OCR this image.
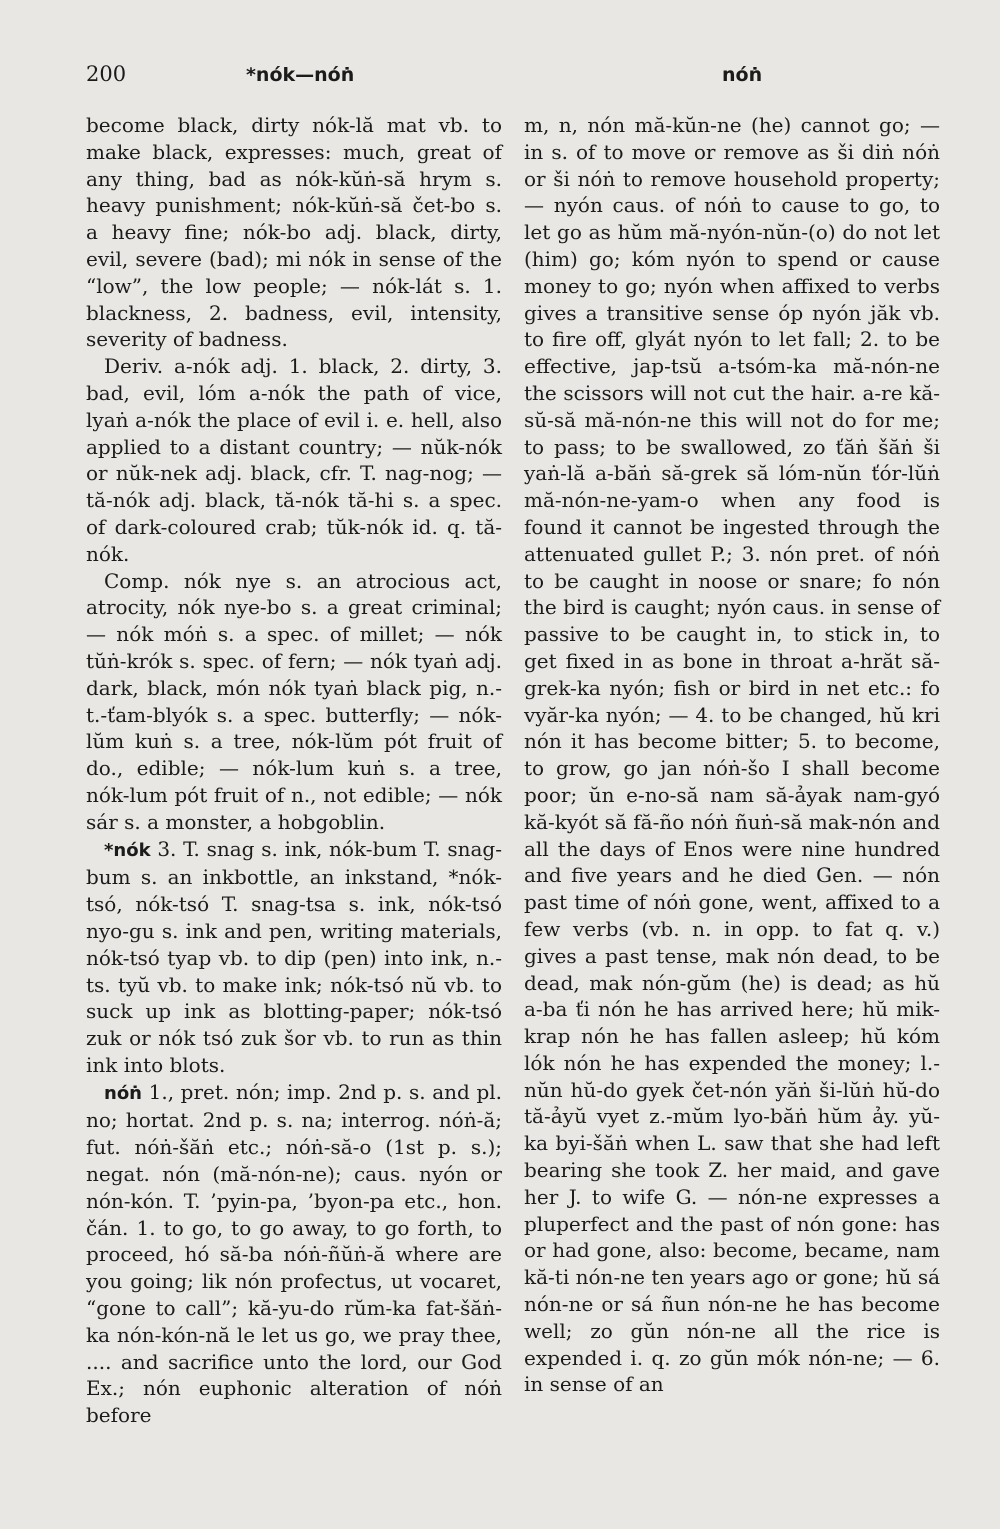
200	*nók—nóṅ	nóṅ

become black, dirty nók-lă mat vb. to make black, expresses: much, great of any thing, bad as nók-kŭṅ-să hrym s. heavy punishment; nók-kŭṅ-să čet-bo s. a heavy fine; nók-bo adj. black, dirty, evil, severe (bad); mi nók in sense of the “low”, the low people; — nók-lát s. 1. blackness, 2. badness, evil, intensity, severity of badness.

Deriv. a-nók adj. 1. black, 2. dirty, 3. bad, evil, lóm a-nók the path of vice, lyaṅ a-nók the place of evil i. e. hell, also applied to a distant country; — nŭk-nók or nŭk-nek adj. black, cfr. T. nag-nog; — tă-nók adj. black, tă-nók tă-hi s. a spec. of dark-coloured crab; tŭk-nók id. q. tă-nók.

Comp. nók nye s. an atrocious act, atrocity, nók nye-bo s. a great criminal; — nók móṅ s. a spec. of millet; — nók tŭṅ-krók s. spec. of fern; — nók tyaṅ adj. dark, black, món nók tyaṅ black pig, n.-t.-ťam-blyók s. a spec. butterfly; — nók-lŭm kuṅ s. a tree, nók-lŭm pót fruit of do., edible; — nók-lum kuṅ s. a tree, nók-lum pót fruit of n., not edible; — nók sár s. a monster, a hobgoblin.

*nók 3. T. snag s. ink, nók-bum T. snag-bum s. an inkbottle, an inkstand, *nók-tsó, nók-tsó T. snag-tsa s. ink, nók-tsó nyo-gu s. ink and pen, writing materials, nók-tsó tyap vb. to dip (pen) into ink, n.-ts. tyŭ vb. to make ink; nók-tsó nŭ vb. to suck up ink as blotting-paper; nók-tsó zuk or nók tsó zuk šor vb. to run as thin ink into blots.

nóṅ 1., pret. nón; imp. 2nd p. s. and pl. no; hortat. 2nd p. s. na; interrog. nóṅ-ă; fut. nóṅ-šăṅ etc.; nóṅ-să-o (1st p. s.); negat. nón (mă-nón-ne); caus. nyón or nón-kón. T. ’pyin-pa, ’byon-pa etc., hon. čán. 1. to go, to go away, to go forth, to proceed, hó să-ba nóṅ-ñŭṅ-ă where are you going; lik nón profectus, ut vocaret, “gone to call”; kă-yu-do rŭm-ka fat-šăṅ-ka nón-kón-nă le let us go, we pray thee, .... and sacrifice unto the lord, our God Ex.; nón euphonic alteration of nóṅ before

m, n, nón mă-kŭn-ne (he) cannot go; — in s. of to move or remove as ši diṅ nóṅ or ši nóṅ to remove household property; — nyón caus. of nóṅ to cause to go, to let go as hŭm mă-nyón-nŭn-(o) do not let (him) go; kóm nyón to spend or cause money to go; nyón when affixed to verbs gives a transitive sense óp nyón jăk vb. to fire off, glyát nyón to let fall; 2. to be effective, jap-tsŭ a-tsóm-ka mă-nón-ne the scissors will not cut the hair. a-re kă-sŭ-să mă-nón-ne this will not do for me; to pass; to be swallowed, zo ťăṅ šăṅ ši yaṅ-lă a-băṅ să-grek să lóm-nŭn ťór-lŭṅ mă-nón-ne-yam-o when any food is found it cannot be ingested through the attenuated gullet P.; 3. nón pret. of nóṅ to be caught in noose or snare; fo nón the bird is caught; nyón caus. in sense of passive to be caught in, to stick in, to get fixed in as bone in throat a-hrăt să-grek-ka nyón; fish or bird in net etc.: fo vyăr-ka nyón; — 4. to be changed, hŭ kri nón it has become bitter; 5. to become, to grow, go jan nóṅ-šo I shall become poor; ŭn e-no-să nam să-ảyak nam-gyó kă-kyót să fă-ño nóṅ ñuṅ-să mak-nón and all the days of Enos were nine hundred and five years and he died Gen. — nón past time of nóṅ gone, went, affixed to a few verbs (vb. n. in opp. to fat q. v.) gives a past tense, mak nón dead, to be dead, mak nón-gŭm (he) is dead; as hŭ a-ba ťi nón he has arrived here; hŭ mik-krap nón he has fallen asleep; hŭ kóm lók nón he has expended the money; l.-nŭn hŭ-do gyek čet-nón yăṅ ši-lŭṅ hŭ-do tă-ảyŭ vyet z.-mŭm lyo-băṅ hŭm ảy. yŭ-ka byi-šăṅ when L. saw that she had left bearing she took Z. her maid, and gave her J. to wife G. — nón-ne expresses a pluperfect and the past of nón gone: has or had gone, also: become, became, nam kă-ti nón-ne ten years ago or gone; hŭ sá nón-ne or sá ñun nón-ne he has become well; zo gŭn nón-ne all the rice is expended i. q. zo gŭn mók nón-ne; — 6. in sense of an
